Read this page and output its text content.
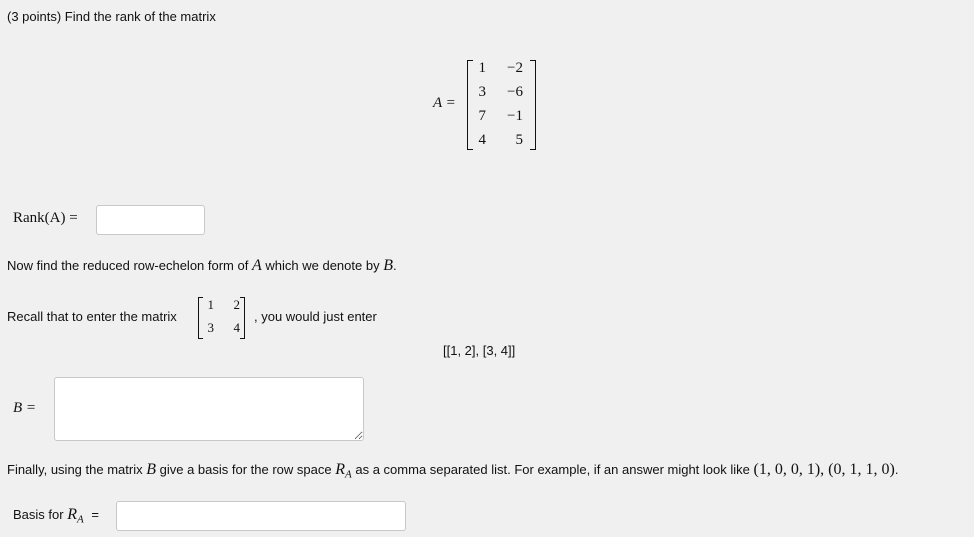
(3 points) Find the rank of the matrix
A =
1	−2
3	−6
7	−1
4	5
Rank(A) =
Now find the reduced row-echelon form of A which we denote by B.
Recall that to enter the matrix
1	2
3	4
, you would just enter
[[1, 2], [3, 4]]
B =
Finally, using the matrix B give a basis for the row space $R_A$ as a comma separated list. For example, if an answer might look like (1, 0, 0, 1), (0, 1, 1, 0).
Basis for $R_A$ =
